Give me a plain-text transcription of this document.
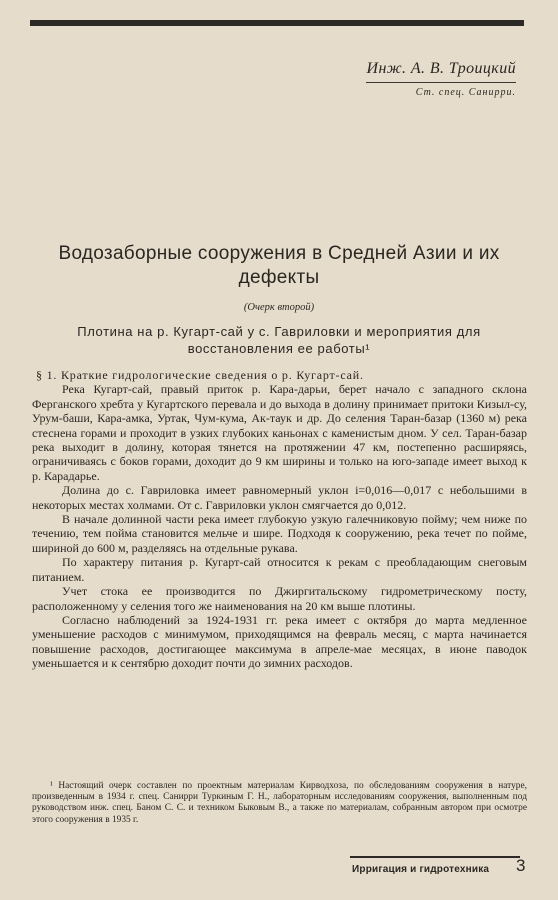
Инж. А. В. Троицкий
Ст. спец. Санирри.
Водозаборные сооружения в Средней Азии и их дефекты
(Очерк второй)
Плотина на р. Кугарт-сай у с. Гавриловки и мероприятия для восстановления ее работы¹

§ 1. Краткие гидрологические сведения о р. Кугарт-сай.

Река Кугарт-сай, правый приток р. Кара-дарьи, берет начало с западного склона Ферганского хребта у Кугартского перевала и до выхода в долину принимает притоки Кизыл-су, Урум-баши, Кара-амка, Уртак, Чум-кума, Ак-таук и др. До селения Таран-базар (1360 м) река стеснена горами и проходит в узких глубоких каньонах с каменистым дном. У сел. Таран-базар река выходит в долину, которая тянется на протяжении 47 км, постепенно расширяясь, ограничиваясь с боков горами, доходит до 9 км ширины и только на юго-западе имеет выход к р. Карадарье.

Долина до с. Гавриловка имеет равномерный уклон i=0,016—0,017 с небольшими в некоторых местах холмами. От с. Гавриловки уклон смягчается до 0,012.

В начале долинной части река имеет глубокую узкую галечниковую пойму; чем ниже по течению, тем пойма становится мельче и шире. Подходя к сооружению, река течет по пойме, шириной до 600 м, разделяясь на отдельные рукава.

По характеру питания р. Кугарт-сай относится к рекам с преобладающим снеговым питанием.

Учет стока ее производится по Джиргитальскому гидрометрическому посту, расположенному у селения того же наименования на 20 км выше плотины.

Согласно наблюдений за 1924-1931 гг. река имеет с октября до марта медленное уменьшение расходов с минимумом, приходящимся на февраль месяц, с марта начинается повышение расходов, достигающее максимума в апреле-мае месяцах, в июне паводок уменьшается и к сентябрю доходит почти до зимних расходов.

¹ Настоящий очерк составлен по проектным материалам Кирводхоза, по обследованиям сооружения в натуре, произведенным в 1934 г. спец. Санирри Туркиным Г. Н., лабораторным исследованиям сооружения, выполненным под руководством инж. спец. Баном С. С. и техником Быковым В., а также по материалам, собранным автором при осмотре этого сооружения в 1935 г.
Ирригация и гидротехника 3
